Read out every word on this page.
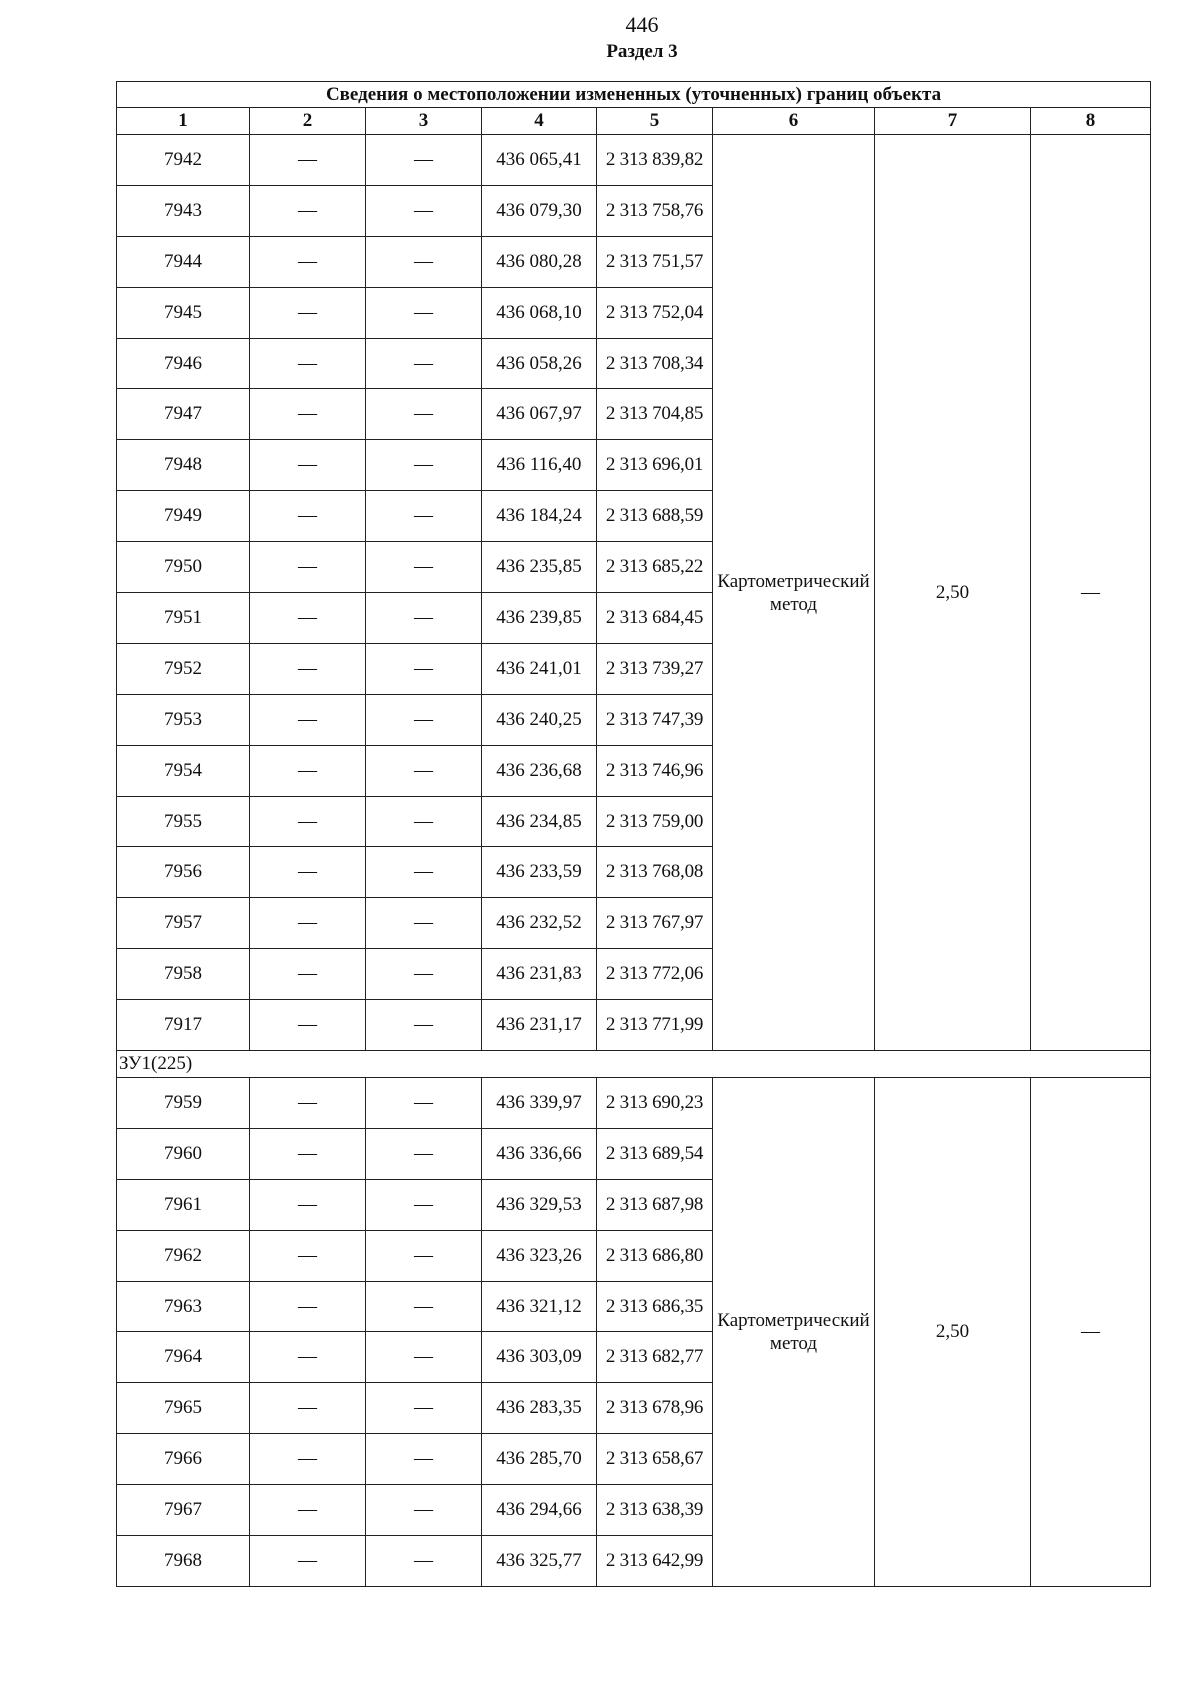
446
Раздел 3
Сведения о местоположении измененных (уточненных) границ объекта							
1	2	3	4	5	6	7	8
7942	—	—	436 065,41	2 313 839,82	Картометрический метод	2,50	—
7943	—	—	436 079,30	2 313 758,76			
7944	—	—	436 080,28	2 313 751,57			
7945	—	—	436 068,10	2 313 752,04			
7946	—	—	436 058,26	2 313 708,34			
7947	—	—	436 067,97	2 313 704,85			
7948	—	—	436 116,40	2 313 696,01			
7949	—	—	436 184,24	2 313 688,59			
7950	—	—	436 235,85	2 313 685,22			
7951	—	—	436 239,85	2 313 684,45			
7952	—	—	436 241,01	2 313 739,27			
7953	—	—	436 240,25	2 313 747,39			
7954	—	—	436 236,68	2 313 746,96			
7955	—	—	436 234,85	2 313 759,00			
7956	—	—	436 233,59	2 313 768,08			
7957	—	—	436 232,52	2 313 767,97			
7958	—	—	436 231,83	2 313 772,06			
7917	—	—	436 231,17	2 313 771,99			
ЗУ1(225)							
7959	—	—	436 339,97	2 313 690,23	Картометрический метод	2,50	—
7960	—	—	436 336,66	2 313 689,54			
7961	—	—	436 329,53	2 313 687,98			
7962	—	—	436 323,26	2 313 686,80			
7963	—	—	436 321,12	2 313 686,35			
7964	—	—	436 303,09	2 313 682,77			
7965	—	—	436 283,35	2 313 678,96			
7966	—	—	436 285,70	2 313 658,67			
7967	—	—	436 294,66	2 313 638,39			
7968	—	—	436 325,77	2 313 642,99			
